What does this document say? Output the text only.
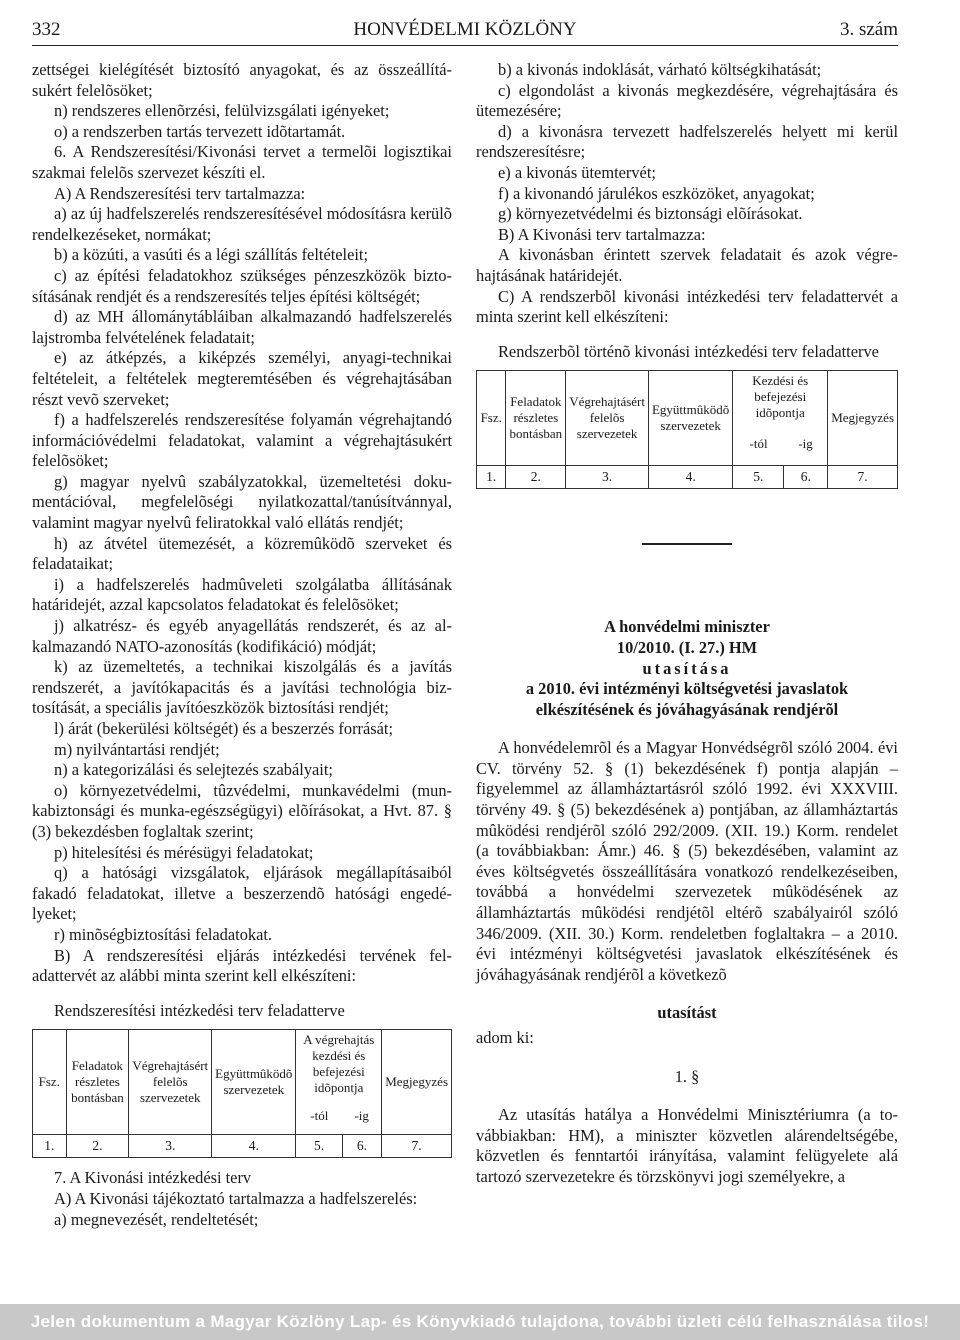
332	HONVÉDELMI KÖZLÖNY	3. szám

zettségei kielégítését biztosító anyagokat, és az összeállításukért felelõsöket;

n) rendszeres ellenõrzési, felülvizsgálati igényeket;

o) a rendszerben tartás tervezett idõtartamát.

6. A Rendszeresítési/Kivonási tervet a termelõi logisztikai szakmai felelõs szervezet készíti el.

A) A Rendszeresítési terv tartalmazza:

a) az új hadfelszerelés rendszeresítésével módosításra kerülõ rendelkezéseket, normákat;

b) a közúti, a vasúti és a légi szállítás feltételeit;

c) az építési feladatokhoz szükséges pénzeszközök biztosításának rendjét és a rendszeresítés teljes építési költségét;

d) az MH állománytábláiban alkalmazandó hadfelszerelés lajstromba felvételének feladatait;

e) az átképzés, a kiképzés személyi, anyagi-technikai feltételeit, a feltételek megteremtésében és végrehajtásában részt vevõ szerveket;

f) a hadfelszerelés rendszeresítése folyamán végrehajtandó információvédelmi feladatokat, valamint a végrehajtásukért felelõsöket;

g) magyar nyelvû szabályzatokkal, üzemeltetési dokumentációval, megfelelõségi nyilatkozattal/tanúsítvánnyal, valamint magyar nyelvû feliratokkal való ellátás rendjét;

h) az átvétel ütemezését, a közremûködõ szerveket és feladataikat;

i) a hadfelszerelés hadmûveleti szolgálatba állításának határidejét, azzal kapcsolatos feladatokat és felelõsöket;

j) alkatrész- és egyéb anyagellátás rendszerét, és az alkalmazandó NATO-azonosítás (kodifikáció) módját;

k) az üzemeltetés, a technikai kiszolgálás és a javítás rendszerét, a javítókapacitás és a javítási technológia biztosítását, a speciális javítóeszközök biztosítási rendjét;

l) árát (bekerülési költségét) és a beszerzés forrását;

m) nyilvántartási rendjét;

n) a kategorizálási és selejtezés szabályait;

o) környezetvédelmi, tûzvédelmi, munkavédelmi (munkabiztonsági és munka-egészségügyi) elõírásokat, a Hvt. 87. § (3) bekezdésben foglaltak szerint;

p) hitelesítési és mérésügyi feladatokat;

q) a hatósági vizsgálatok, eljárások megállapításaiból fakadó feladatokat, illetve a beszerzendõ hatósági engedélyeket;

r) minõségbiztosítási feladatokat.

B) A rendszeresítési eljárás intézkedési tervének feladattervét az alábbi minta szerint kell elkészíteni:

Rendszeresítési intézkedési terv feladatterve

Fsz.	Feladatok részletes bontásban	Végrehajtásért felelõs szervezetek	Együttmûködõ szervezetek	A végrehajtás kezdési és befejezési idõpontja		Megjegyzés
				-tól	-ig	
1.	2.	3.	4.	5.	6.	7.

7. A Kivonási intézkedési terv

A) A Kivonási tájékoztató tartalmazza a hadfelszerelés:

a) megnevezését, rendeltetését;

b) a kivonás indoklását, várható költségkihatását;

c) elgondolást a kivonás megkezdésére, végrehajtására és ütemezésére;

d) a kivonásra tervezett hadfelszerelés helyett mi kerül rendszeresítésre;

e) a kivonás ütemtervét;

f) a kivonandó járulékos eszközöket, anyagokat;

g) környezetvédelmi és biztonsági elõírásokat.

B) A Kivonási terv tartalmazza:

A kivonásban érintett szervek feladatait és azok végrehajtásának határidejét.

C) A rendszerbõl kivonási intézkedési terv feladattervét a minta szerint kell elkészíteni:

Rendszerbõl történõ kivonási intézkedési terv feladatterve

Fsz.	Feladatok részletes bontásban	Végrehajtásért felelõs szervezetek	Együttmûködõ szervezetek	Kezdési és befejezési idõpontja		Megjegyzés
				-tól	-ig	
1.	2.	3.	4.	5.	6.	7.

A honvédelmi miniszter

10/2010. (I. 27.) HM

utasítása

a 2010. évi intézményi költségvetési javaslatok elkészítésének és jóváhagyásának rendjérõl

A honvédelemrõl és a Magyar Honvédségrõl szóló 2004. évi CV. törvény 52. § (1) bekezdésének f) pontja alapján – figyelemmel az államháztartásról szóló 1992. évi XXXVIII. törvény 49. § (5) bekezdésének a) pontjában, az államháztartás mûködési rendjérõl szóló 292/2009. (XII. 19.) Korm. rendelet (a továbbiakban: Ámr.) 46. § (5) bekezdésében, valamint az éves költségvetés összeállítására vonatkozó rendelkezéseiben, továbbá a honvédelmi szervezetek mûködésének az államháztartás mûködési rendjétõl eltérõ szabályairól szóló 346/2009. (XII. 30.) Korm. rendeletben foglaltakra – a 2010. évi intézményi költségvetési javaslatok elkészítésének és jóváhagyásának rendjérõl a következõ

utasítást

adom ki:

1. §

Az utasítás hatálya a Honvédelmi Minisztériumra (a továbbiakban: HM), a miniszter közvetlen alárendeltségébe, közvetlen és fenntartói irányítása, valamint felügyelete alá tartozó szervezetekre és törzskönyvi jogi személyekre, a

Jelen dokumentum a Magyar Közlöny Lap- és Könyvkiadó tulajdona, további üzleti célú felhasználása tilos!
